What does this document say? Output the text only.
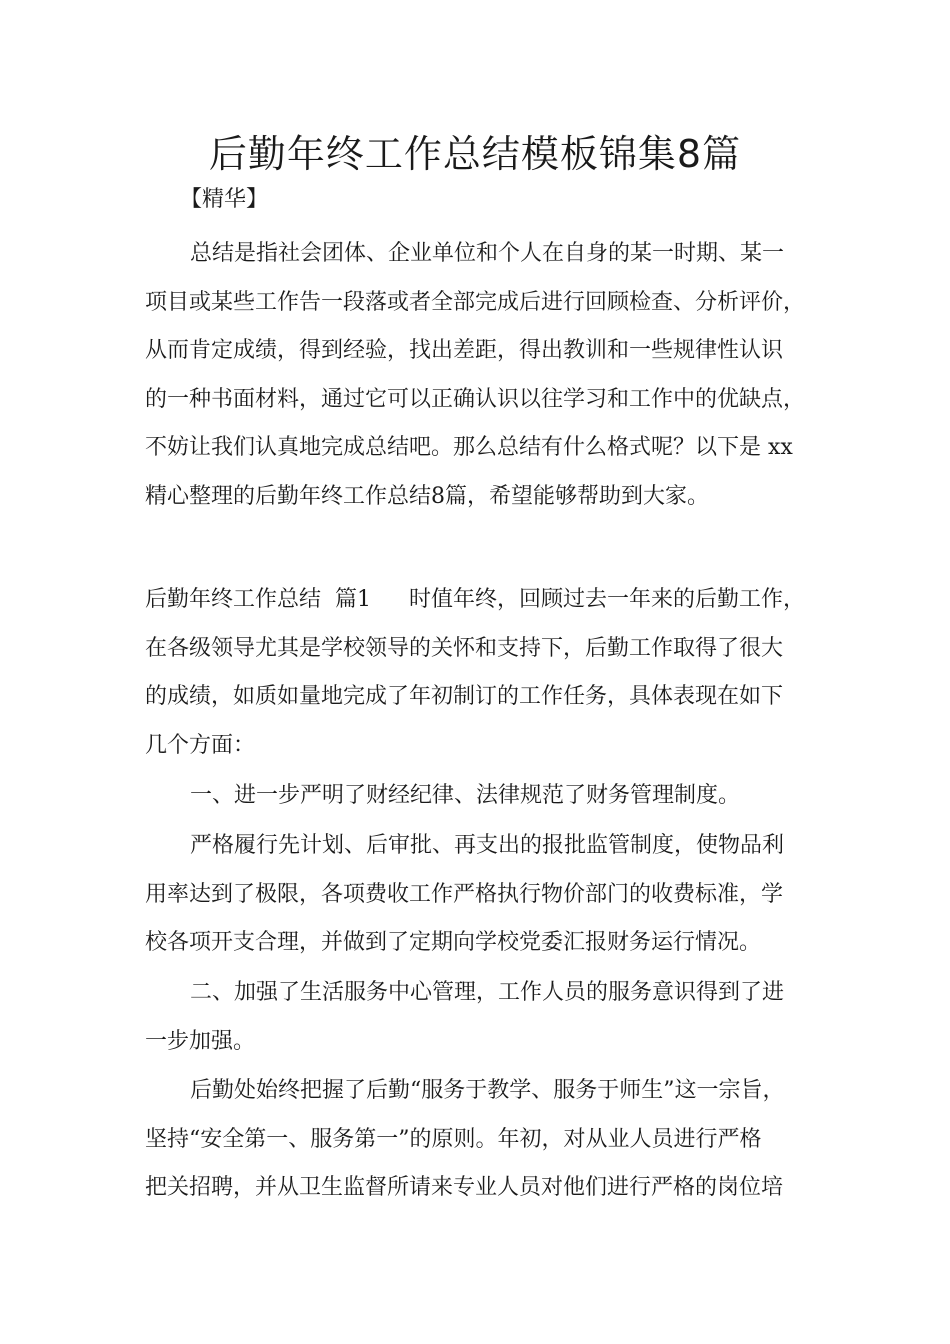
后勤年终工作总结模板锦集8篇
【精华】
总结是指社会团体、企业单位和个人在自身的某一时期、某一
项目或某些工作告一段落或者全部完成后进行回顾检查、分析评价，
从而肯定成绩，得到经验，找出差距，得出教训和一些规律性认识
的一种书面材料，通过它可以正确认识以往学习和工作中的优缺点，
不妨让我们认真地完成总结吧。那么总结有什么格式呢？以下是 xx
精心整理的后勤年终工作总结8篇，希望能够帮助到大家。
后勤年终工作总结  篇1 时值年终，回顾过去一年来的后勤工作，
在各级领导尤其是学校领导的关怀和支持下，后勤工作取得了很大
的成绩，如质如量地完成了年初制订的工作任务，具体表现在如下
几个方面：
一、进一步严明了财经纪律、法律规范了财务管理制度。
严格履行先计划、后审批、再支出的报批监管制度，使物品利
用率达到了极限，各项费收工作严格执行物价部门的收费标准，学
校各项开支合理，并做到了定期向学校党委汇报财务运行情况。
二、加强了生活服务中心管理，工作人员的服务意识得到了进
一步加强。
后勤处始终把握了后勤“服务于教学、服务于师生”这一宗旨，
坚持“安全第一、服务第一”的原则。年初，对从业人员进行严格
把关招聘，并从卫生监督所请来专业人员对他们进行严格的岗位培
